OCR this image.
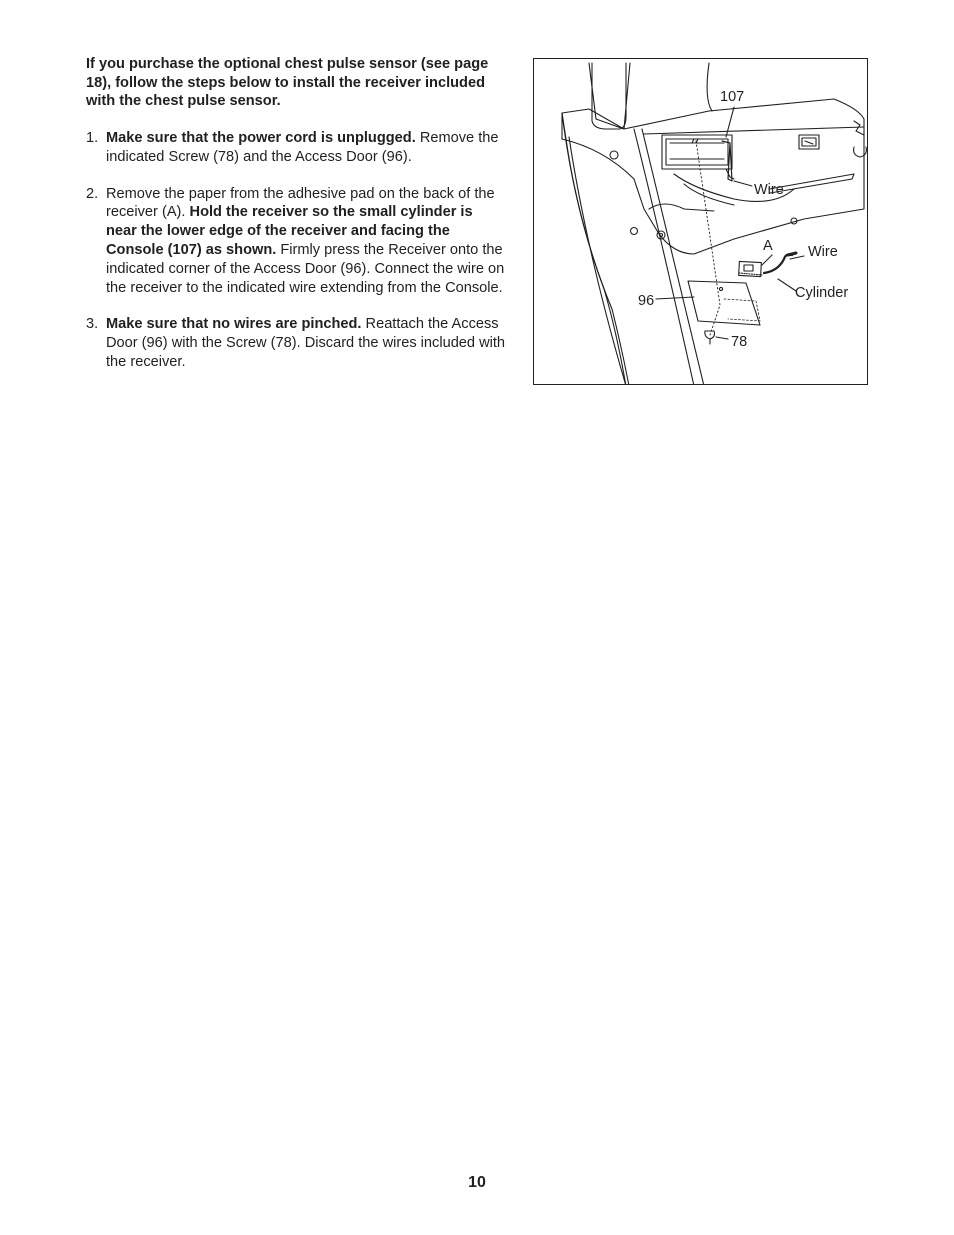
If you purchase the optional chest pulse sensor (see page 18), follow the steps below to install the receiver included with the chest pulse sensor.

1. Make sure that the power cord is unplugged. Remove the indicated Screw (78) and the Access Door (96).
2. Remove the paper from the adhesive pad on the back of the receiver (A). Hold the receiver so the small cylinder is near the lower edge of the receiver and facing the Console (107) as shown. Firmly press the Receiver onto the indicated corner of the Access Door (96). Connect the wire on the receiver to the indicated wire extending from the Console.
3. Make sure that no wires are pinched. Reattach the Access Door (96) with the Screw (78). Discard the wires included with the receiver.
107
Wire
A Wire
Cylinder
96
78
10
